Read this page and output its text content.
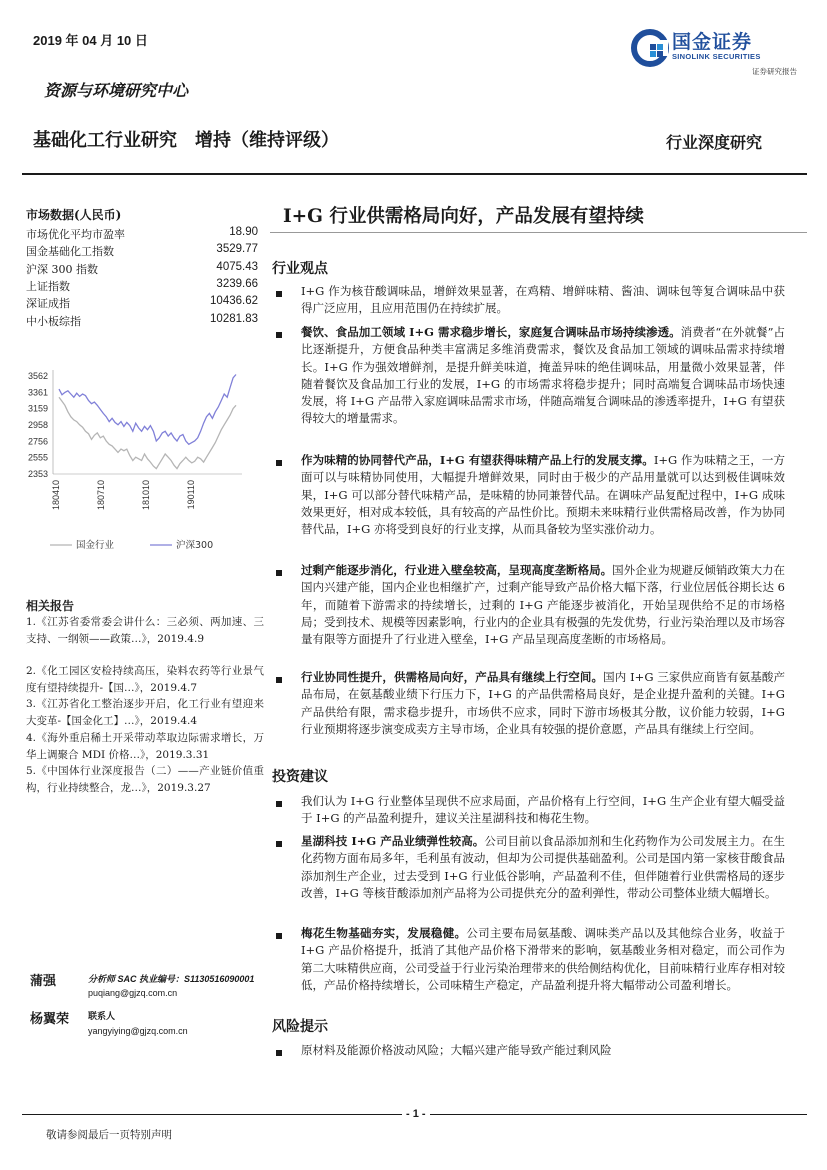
2019 年 04 月 10 日	国金证券
SINOLINK SECURITIES
证券研究报告
资源与环境研究中心
基础化工行业研究　增持（维持评级）	行业深度研究
市场数据(人民币)
市场优化平均市盈率	18.90
国金基础化工指数	3529.77
沪深 300 指数	4075.43
上证指数	3239.66
深证成指	10436.62
中小板综指	10281.83
3562
3361
3159
2958
2756
2555
2353
180410	180710	181010	190110
国金行业	沪深300
相关报告
1.《江苏省委常委会讲什么：三必须、两加速、三支持、一纲领——政策…》，2019.4.9
2.《化工园区安检持续高压，染料农药等行业景气度有望持续提升-【国…》，2019.4.7
3.《江苏省化工整治逐步开启，化工行业有望迎来大变革-【国金化工】…》，2019.4.4
4.《海外重启稀土开采带动萃取边际需求增长，万华上调聚合 MDI 价格…》，2019.3.31
5.《中国体行业深度报告（二）——产业链价值重构，行业持续整合，龙…》，2019.3.27
蒲强	分析师 SAC 执业编号：S1130516090001
puqiang@gjzq.com.cn
杨翼荣 联系人
yangyiying@gjzq.com.cn
I+G 行业供需格局向好，产品发展有望持续
行业观点
I+G 作为核苷酸调味品，增鲜效果显著，在鸡精、增鲜味精、酱油、调味包等复合调味品中获得广泛应用，且应用范围仍在持续扩展。
餐饮、食品加工领域 I+G 需求稳步增长，家庭复合调味品市场持续渗透。消费者“在外就餐”占比逐渐提升，方便食品种类丰富满足多维消费需求，餐饮及食品加工领域的调味品需求持续增长。I+G 作为强效增鲜剂，是提升鲜美味道，掩盖异味的绝佳调味品，用量微小效果显著，伴随着餐饮及食品加工行业的发展，I+G 的市场需求将稳步提升；同时高端复合调味品市场快速发展，将 I+G 产品带入家庭调味品需求市场，伴随高端复合调味品的渗透率提升，I+G 有望获得较大的增量需求。
作为味精的协同替代产品，I+G 有望获得味精产品上行的发展支撑。I+G 作为味精之王，一方面可以与味精协同使用，大幅提升增鲜效果，同时由于极少的产品用量就可以达到极佳调味效果，I+G 可以部分替代味精产品，是味精的协同兼替代品。在调味产品复配过程中，I+G 成味效果更好，相对成本较低，具有较高的产品性价比。预期未来味精行业供需格局改善，作为协同替代品，I+G 亦将受到良好的行业支撑，从而具备较为坚实涨价动力。
过剩产能逐步消化，行业进入壁垒较高，呈现高度垄断格局。国外企业为规避反倾销政策大力在国内兴建产能，国内企业也相继扩产，过剩产能导致产品价格大幅下落，行业位居低谷期长达 6 年，而随着下游需求的持续增长，过剩的 I+G 产能逐步被消化，开始呈现供给不足的市场格局；受到技术、规模等因素影响，行业内的企业具有极强的先发优势，行业污染治理以及市场容量有限等方面提升了行业进入壁垒，I+G 产品呈现高度垄断的市场格局。
行业协同性提升，供需格局向好，产品具有继续上行空间。国内 I+G 三家供应商皆有氨基酸产品布局，在氨基酸业绩下行压力下，I+G 的产品供需格局良好，是企业提升盈利的关键。I+G 产品供给有限，需求稳步提升，市场供不应求，同时下游市场极其分散，议价能力较弱，I+G 行业预期将逐步演变成卖方主导市场，企业具有较强的提价意愿，产品具有继续上行空间。
投资建议
我们认为 I+G 行业整体呈现供不应求局面，产品价格有上行空间，I+G 生产企业有望大幅受益于 I+G 的产品盈利提升，建议关注星湖科技和梅花生物。
星湖科技 I+G 产品业绩弹性较高。公司目前以食品添加剂和生化药物作为公司发展主力。在生化药物方面布局多年，毛利虽有波动，但却为公司提供基础盈利。公司是国内第一家核苷酸食品添加剂生产企业，过去受到 I+G 行业低谷影响，产品盈利不佳，但伴随着行业供需格局的逐步改善，I+G 等核苷酸添加剂产品将为公司提供充分的盈利弹性，带动公司整体业绩大幅增长。
梅花生物基础夯实，发展稳健。公司主要布局氨基酸、调味类产品以及其他综合业务，收益于 I+G 产品价格提升，抵消了其他产品价格下滑带来的影响，氨基酸业务相对稳定，而公司作为第二大味精供应商，公司受益于行业污染治理带来的供给侧结构优化，目前味精行业库存相对较低，产品价格持续增长，公司味精生产稳定，产品盈利提升将大幅带动公司盈利增长。
风险提示
原材料及能源价格波动风险；大幅兴建产能导致产能过剩风险
- 1 -
敬请参阅最后一页特别声明
